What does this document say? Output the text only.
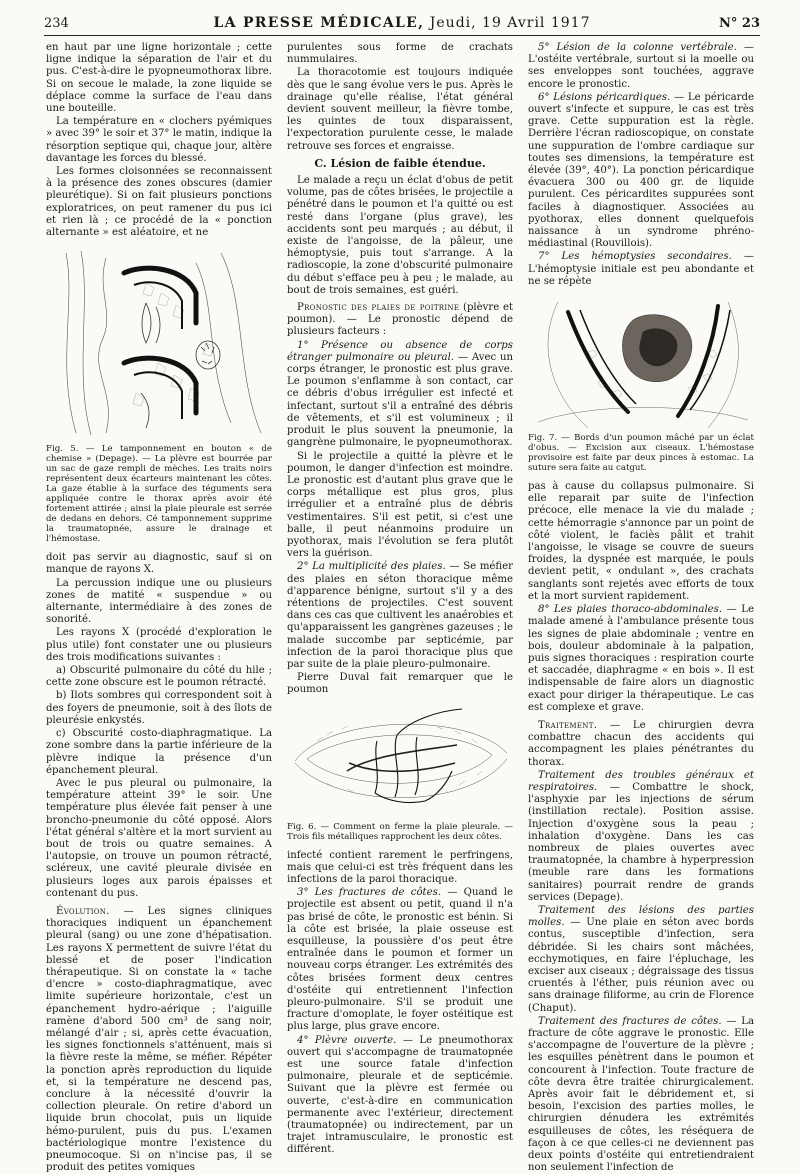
234	LA PRESSE MÉDICALE, Jeudi, 19 Avril 1917	N° 23

en haut par une ligne horizontale ; cette ligne indique la séparation de l'air et du pus. C'est-à-dire le pyopneumothorax libre. Si on secoue le malade, la zone liquide se déplace comme la surface de l'eau dans une bouteille.

La température en « clochers pyémiques » avec 39° le soir et 37° le matin, indique la résorption septique qui, chaque jour, altère davantage les forces du blessé.

Les formes cloisonnées se reconnaissent à la présence des zones obscures (damier pleurétique). Si on fait plusieurs ponctions exploratrices, on peut ramener du pus ici et rien là ; ce procédé de la « ponction alternante » est aléatoire, et ne

Fig. 5. — Le tamponnement en bouton « de chemise » (Depage). — La plèvre est bourrée par un sac de gaze rempli de mèches. Les traits noirs représentent deux écarteurs maintenant les côtes. La gaze établie à la surface des téguments sera appliquée contre le thorax après avoir été fortement attirée ; ainsi la plaie pleurale est serrée de dedans en dehors. Cé tamponnement supprime la traumatopnée, assure le drainage et l'hémostase.

doit pas servir au diagnostic, sauf si on manque de rayons X.

La percussion indique une ou plusieurs zones de matité « suspendue » ou alternante, intermédiaire à des zones de sonorité.

Les rayons X (procédé d'exploration le plus utile) font constater une ou plusieurs des trois modifications suivantes :

a) Obscurité pulmonaire du côté du hile ; cette zone obscure est le poumon rétracté.

b) Ilots sombres qui correspondent soit à des foyers de pneumonie, soit à des îlots de pleurésie enkystés.

c) Obscurité costo-diaphragmatique. La zone sombre dans la partie inférieure de la plèvre indique la présence d'un épanchement pleural.

Avec le pus pleural ou pulmonaire, la température atteint 39° le soir. Une température plus élevée fait penser à une broncho-pneumonie du côté opposé. Alors l'état général s'altère et la mort survient au bout de trois ou quatre semaines. A l'autopsie, on trouve un poumon rétracté, scléreux, une cavité pleurale divisée en plusieurs loges aux parois épaisses et contenant du pus.

Évolution. — Les signes cliniques thoraciques indiquent un épanchement pleural (sang) ou une zone d'hépatisation. Les rayons X permettent de suivre l'état du blessé et de poser l'indication thérapeutique. Si on constate la « tache d'encre » costo-diaphragmatique, avec limite supérieure horizontale, c'est un épanchement hydro-aérique ; l'aiguille ramène d'abord 500 cm³ de sang noir, mélangé d'air ; si, après cette évacuation, les signes fonctionnels s'atténuent, mais si la fièvre reste la même, se méfier. Répéter la ponction après reproduction du liquide et, si la température ne descend pas, conclure à la nécessité d'ouvrir la collection pleurale. On retire d'abord un liquide brun chocolat, puis un liquide hémo-purulent, puis du pus. L'examen bactériologique montre l'existence du pneumocoque. Si on n'incise pas, il se produit des petites vomiques

purulentes sous forme de crachats nummulaires.

La thoracotomie est toujours indiquée dès que le sang évolue vers le pus. Après le drainage qu'elle réalise, l'état général devient souvent meilleur, la fièvre tombe, les quintes de toux disparaissent, l'expectoration purulente cesse, le malade retrouve ses forces et engraisse.

C. Lésion de faible étendue.

Le malade a reçu un éclat d'obus de petit volume, pas de côtes brisées, le projectile a pénétré dans le poumon et l'a quitté ou est resté dans l'organe (plus grave), les accidents sont peu marqués ; au début, il existe de l'angoisse, de la pâleur, une hémoptysie, puis tout s'arrange. A la radioscopie, la zone d'obscurité pulmonaire du début s'efface peu à peu ; le malade, au bout de trois semaines, est guéri.

Pronostic des plaies de poitrine (plèvre et poumon). — Le pronostic dépend de plusieurs facteurs :

1° Présence ou absence de corps étranger pulmonaire ou pleural. — Avec un corps étranger, le pronostic est plus grave. Le poumon s'enflamme à son contact, car ce débris d'obus irrégulier est infecté et infectant, surtout s'il a entraîné des débris de vêtements, et s'il est volumineux ; il produit le plus souvent la pneumonie, la gangrène pulmonaire, le pyopneumothorax.

Si le projectile a quitté la plèvre et le poumon, le danger d'infection est moindre. Le pronostic est d'autant plus grave que le corps métallique est plus gros, plus irrégulier et a entraîné plus de débris vestimentaires. S'il est petit, si c'est une balle, il peut néanmoins produire un pyothorax, mais l'évolution se fera plutôt vers la guérison.

2° La multiplicité des plaies. — Se méfier des plaies en séton thoracique même d'apparence bénigne, surtout s'il y a des rétentions de projectiles. C'est souvent dans ces cas que cultivent les anaérobies et qu'apparaissent les gangrènes gazeuses ; le malade succombe par septicémie, par infection de la paroi thoracique plus que par suite de la plaie pleuro-pulmonaire.

Pierre Duval fait remarquer que le poumon

Fig. 6. — Comment on ferme la plaie pleurale. — Trois fils métalliques rapprochent les deux côtes.

infecté contient rarement le perfringens, mais que celui-ci est très fréquent dans les infections de la paroi thoracique.

3° Les fractures de côtes. — Quand le projectile est absent ou petit, quand il n'a pas brisé de côte, le pronostic est bénin. Si la côte est brisée, la plaie osseuse est esquilleuse, la poussière d'os peut être entraînée dans le poumon et former un nouveau corps étranger. Les extrémités des côtes brisées forment deux centres d'ostéite qui entretiennent l'infection pleuro-pulmonaire. S'il se produit une fracture d'omoplate, le foyer ostéitique est plus large, plus grave encore.

4° Plèvre ouverte. — Le pneumothorax ouvert qui s'accompagne de traumatopnée est une source fatale d'infection pulmonaire, pleurale et de septicémie. Suivant que la plèvre est fermée ou ouverte, c'est-à-dire en communication permanente avec l'extérieur, directement (traumatopnée) ou indirectement, par un trajet intramusculaire, le pronostic est différent.

5° Lésion de la colonne vertébrale. — L'ostéite vertébrale, surtout si la moelle ou ses enveloppes sont touchées, aggrave encore le pronostic.

6° Lésions péricardiques. — Le péricarde ouvert s'infecte et suppure, le cas est très grave. Cette suppuration est la règle. Derrière l'écran radioscopique, on constate une suppuration de l'ombre cardiaque sur toutes ses dimensions, la température est élevée (39°, 40°). La ponction péricardique évacuera 300 ou 400 gr. de liquide purulent. Ces péricardites suppurées sont faciles à diagnostiquer. Associées au pyothorax, elles donnent quelquefois naissance à un syndrome phréno-médiastinal (Rouvillois).

7° Les hémoptysies secondaires. — L'hémoptysie initiale est peu abondante et ne se répète

Fig. 7. — Bords d'un poumon mâché par un éclat d'obus. — Excision aux ciseaux. L'hémostase provisoire est faite par deux pinces à estomac. La suture sera faite au catgut.

pas à cause du collapsus pulmonaire. Si elle reparait par suite de l'infection précoce, elle menace la vie du malade ; cette hémorragie s'annonce par un point de côté violent, le faciès pâlit et trahit l'angoisse, le visage se couvre de sueurs froides, la dyspnée est marquée, le pouls devient petit, « ondulant », des crachats sanglants sont rejetés avec efforts de toux et la mort survient rapidement.

8° Les plaies thoraco-abdominales. — Le malade amené à l'ambulance présente tous les signes de plaie abdominale ; ventre en bois, douleur abdominale à la palpation, puis signes thoraciques : respiration courte et saccadée, diaphragme « en bois ». Il est indispensable de faire alors un diagnostic exact pour diriger la thérapeutique. Le cas est complexe et grave.

Traitement. — Le chirurgien devra combattre chacun des accidents qui accompagnent les plaies pénétrantes du thorax.

Traitement des troubles généraux et respiratoires. — Combattre le shock, l'asphyxie par les injections de sérum (instillation rectale). Position assise. Injection d'oxygène sous la peau ; inhalation d'oxygène. Dans les cas nombreux de plaies ouvertes avec traumatopnée, la chambre à hyperpression (meuble rare dans les formations sanitaires) pourrait rendre de grands services (Depage).

Traitement des lésions des parties molles. — Une plaie en séton avec bords contus, susceptible d'infection, sera débridée. Si les chairs sont mâchées, ecchymotiques, en faire l'épluchage, les exciser aux ciseaux ; dégraissage des tissus cruentés à l'éther, puis réunion avec ou sans drainage filiforme, au crin de Florence (Chaput).

Traitement des fractures de côtes. — La fracture de côte aggrave le pronostic. Elle s'accompagne de l'ouverture de la plèvre ; les esquilles pénètrent dans le poumon et concourent à l'infection. Toute fracture de côte devra être traitée chirurgicalement. Après avoir fait le débridement et, si besoin, l'excision des parties molles, le chirurgien dénudera les extrémités esquilleuses de côtes, les réséquera de façon à ce que celles-ci ne deviennent pas deux points d'ostéite qui entretiendraient non seulement l'infection de
